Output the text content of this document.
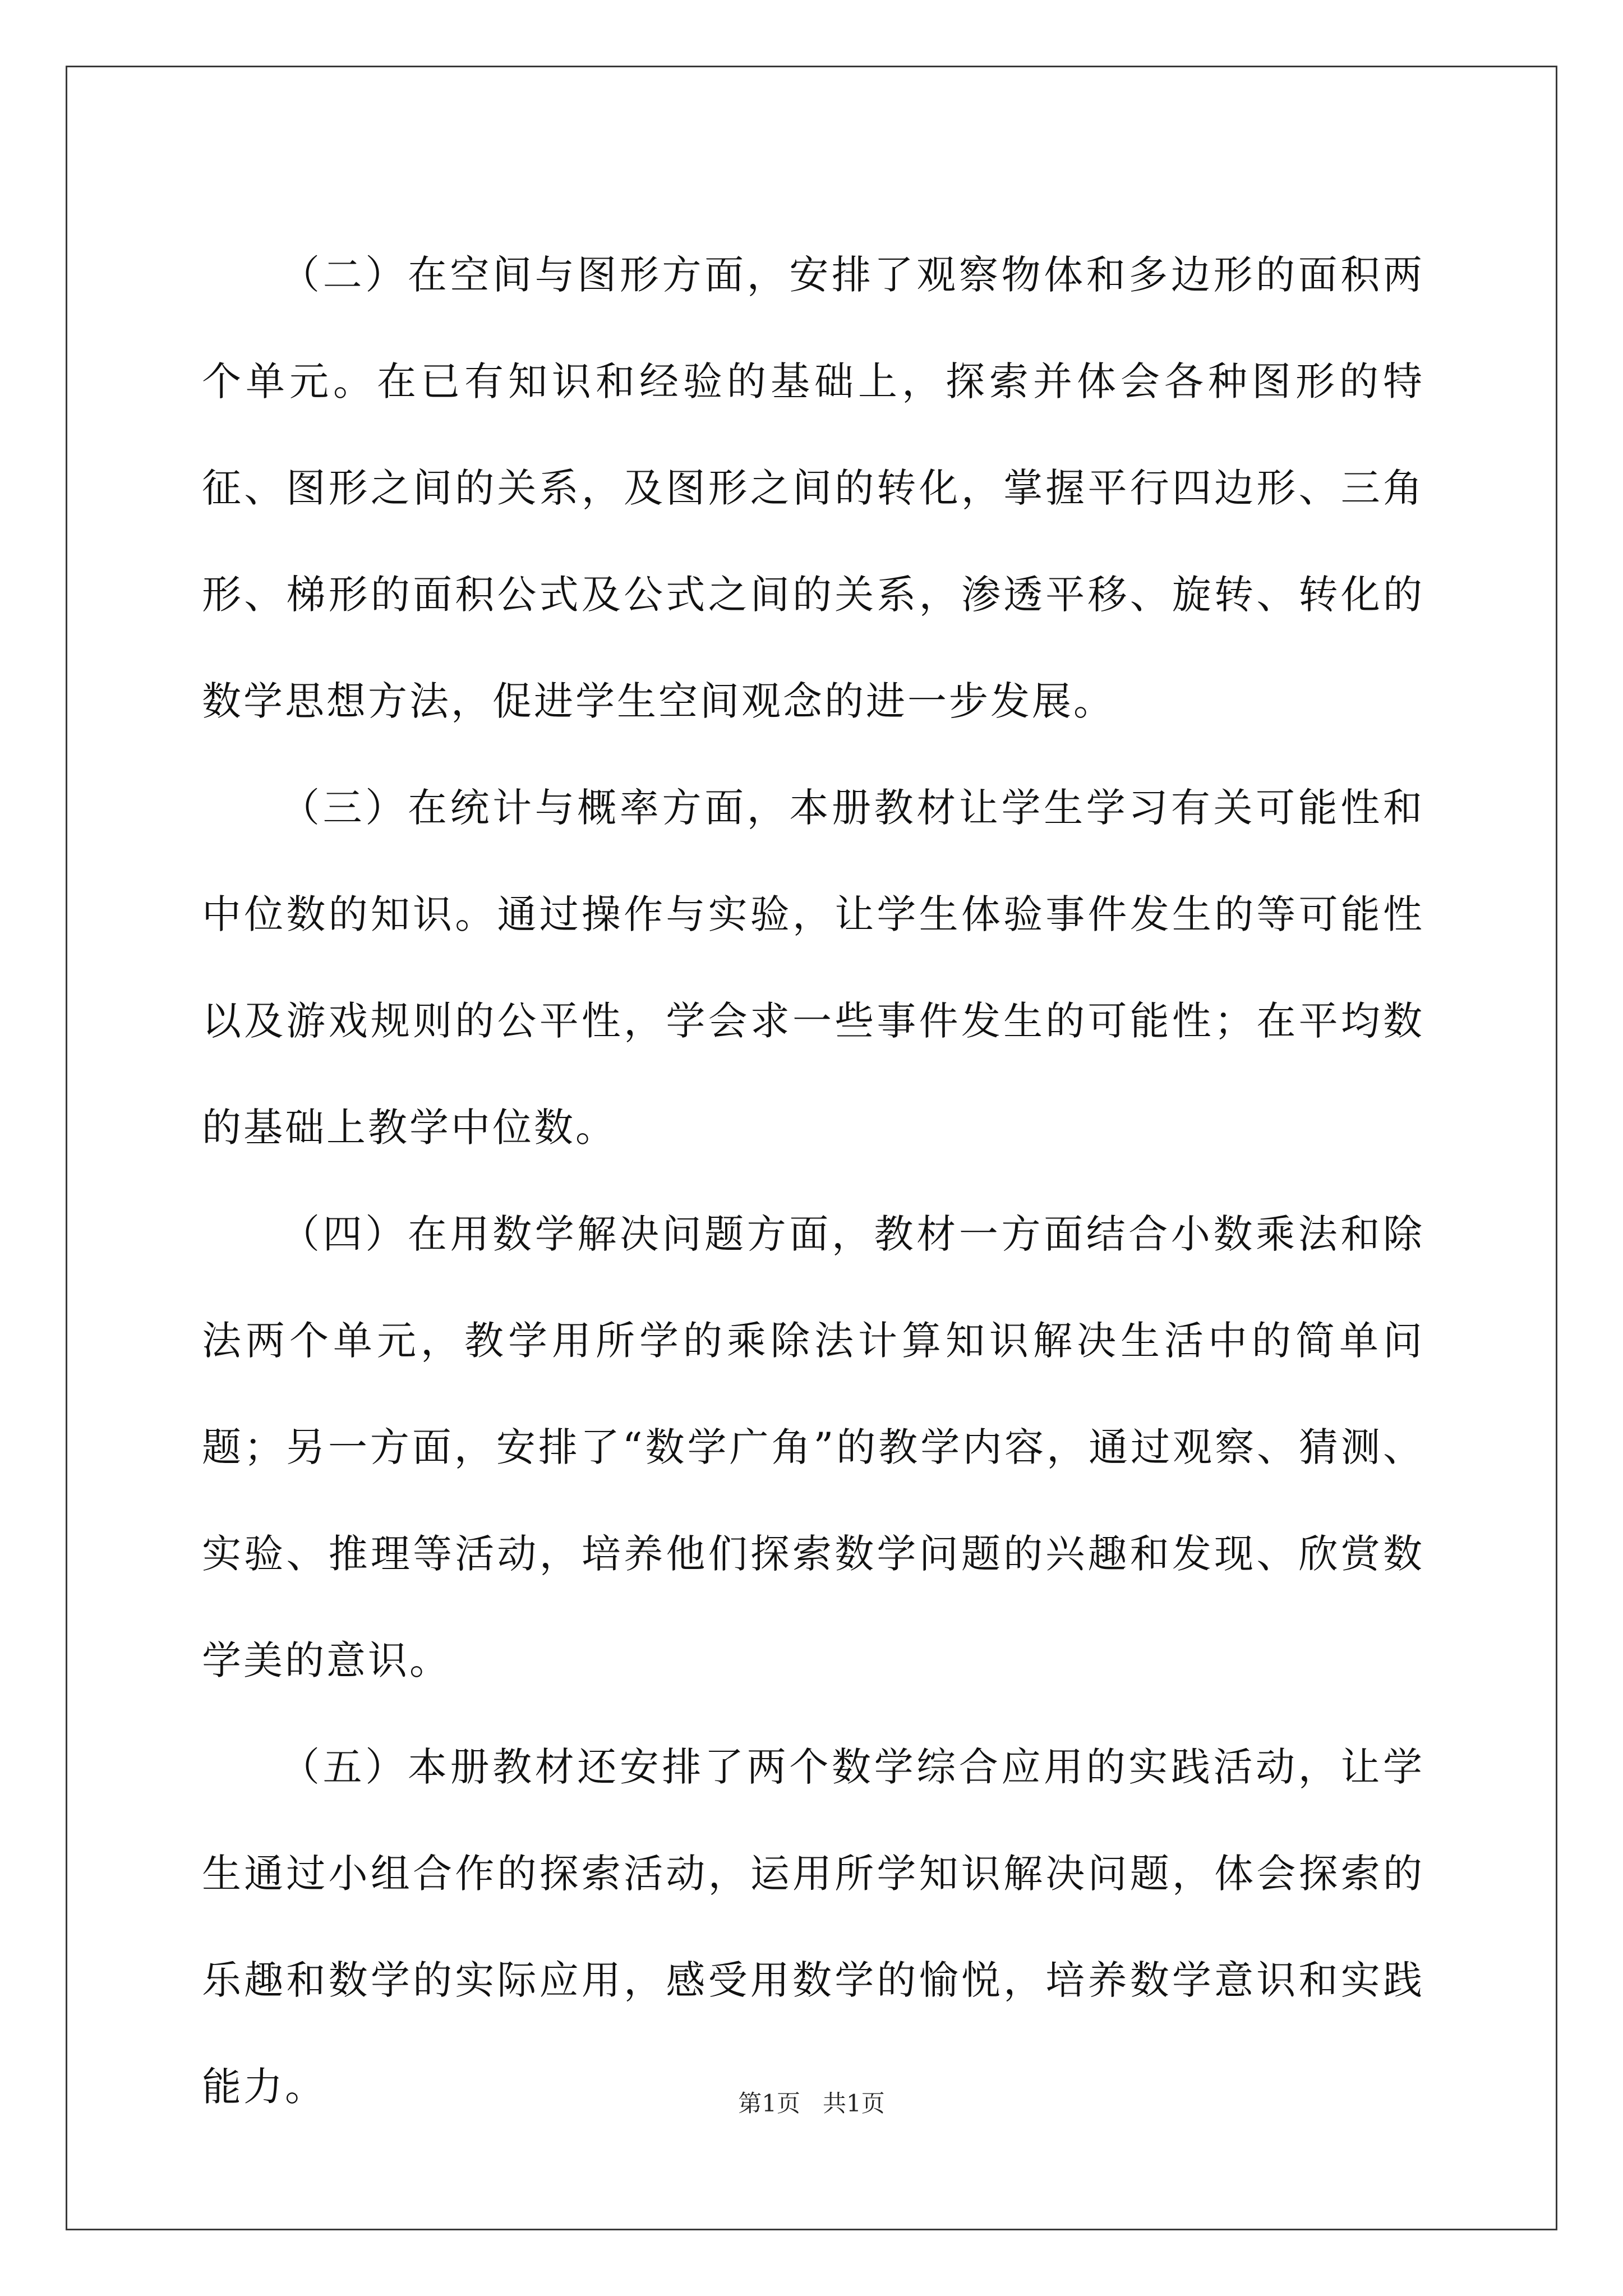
（二）在空间与图形方面，安排了观察物体和多边形的面积两个单元。在已有知识和经验的基础上，探索并体会各种图形的特征、图形之间的关系，及图形之间的转化，掌握平行四边形、三角形、梯形的面积公式及公式之间的关系，渗透平移、旋转、转化的数学思想方法，促进学生空间观念的进一步发展。

（三）在统计与概率方面，本册教材让学生学习有关可能性和中位数的知识。通过操作与实验，让学生体验事件发生的等可能性以及游戏规则的公平性，学会求一些事件发生的可能性；在平均数的基础上教学中位数。

（四）在用数学解决问题方面，教材一方面结合小数乘法和除法两个单元，教学用所学的乘除法计算知识解决生活中的简单问题；另一方面，安排了“数学广角”的教学内容，通过观察、猜测、实验、推理等活动，培养他们探索数学问题的兴趣和发现、欣赏数学美的意识。

（五）本册教材还安排了两个数学综合应用的实践活动，让学生通过小组合作的探索活动，运用所学知识解决问题，体会探索的乐趣和数学的实际应用，感受用数学的愉悦，培养数学意识和实践能力。	第1页 共1页
